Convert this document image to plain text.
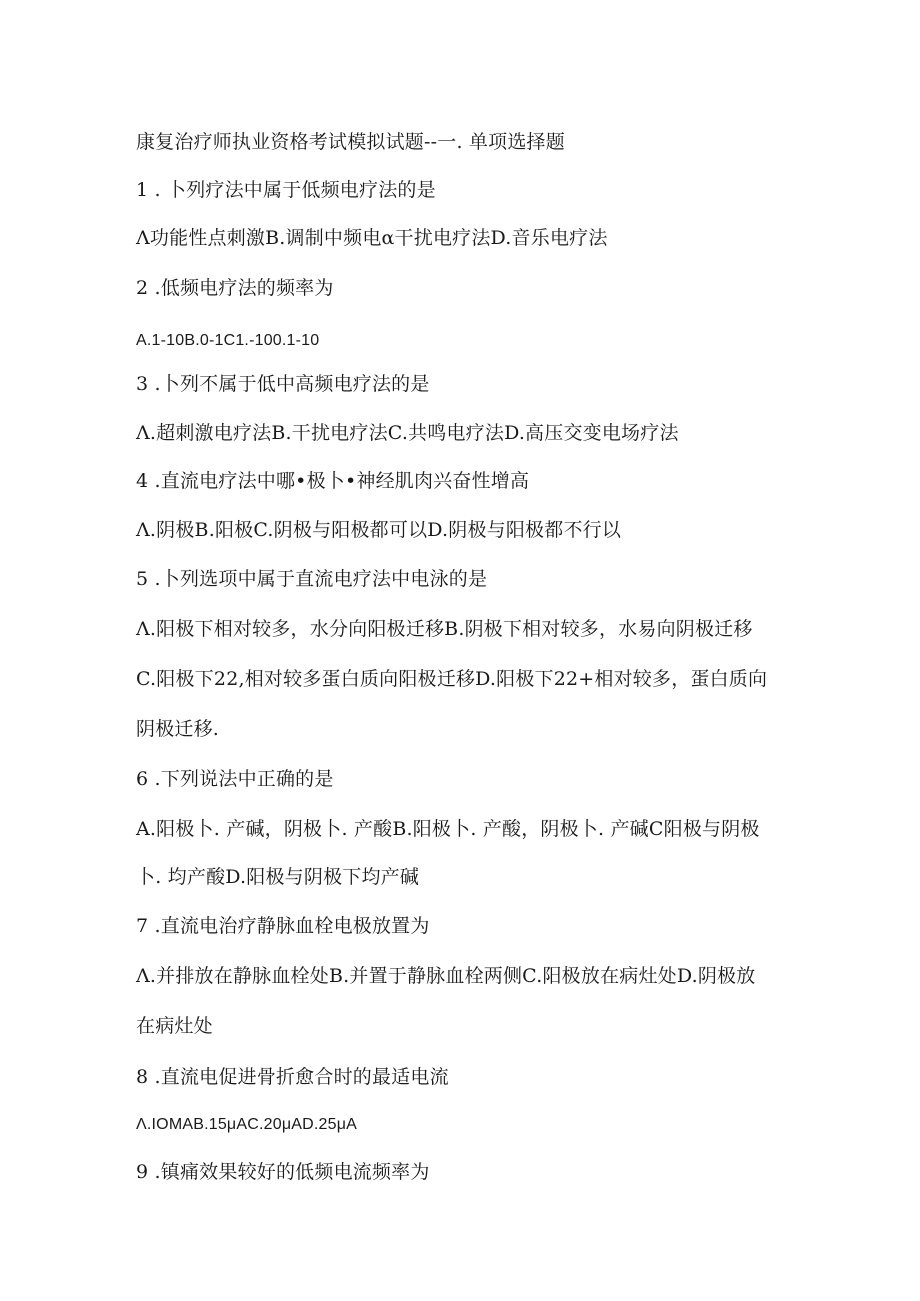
康复治疗师执业资格考试模拟试题--一. 单项选择题
1 . 卜列疗法中属于低频电疗法的是
Λ功能性点刺激B.调制中频电α干扰电疗法D.音乐电疗法
2 .低频电疗法的频率为
A.1-10B.0-1C1.-100.1-10
3 .卜列不属于低中高频电疗法的是
Λ.超刺激电疗法B.干扰电疗法C.共鸣电疗法D.高压交变电场疗法
4 .直流电疗法中哪•极卜•神经肌肉兴奋性增高
Λ.阴极B.阳极C.阴极与阳极都可以D.阴极与阳极都不行以
5 .卜列选项中属于直流电疗法中电泳的是
Λ.阳极下相对较多，水分向阳极迁移B.阴极下相对较多，水易向阴极迁移
C.阳极下22,相对较多蛋白质向阳极迁移D.阳极下22+相对较多，蛋白质向
阴极迁移.
6 .下列说法中正确的是
A.阳极卜. 产碱，阴极卜. 产酸B.阳极卜. 产酸，阴极卜. 产碱C阳极与阴极
卜. 均产酸D.阳极与阴极下均产碱
7 .直流电治疗静脉血栓电极放置为
Λ.并排放在静脉血栓处B.并置于静脉血栓两侧C.阳极放在病灶处D.阴极放
在病灶处
8 .直流电促进骨折愈合时的最适电流
Λ.IOΜAB.15μAC.20μAD.25μA
9 .镇痛效果较好的低频电流频率为
